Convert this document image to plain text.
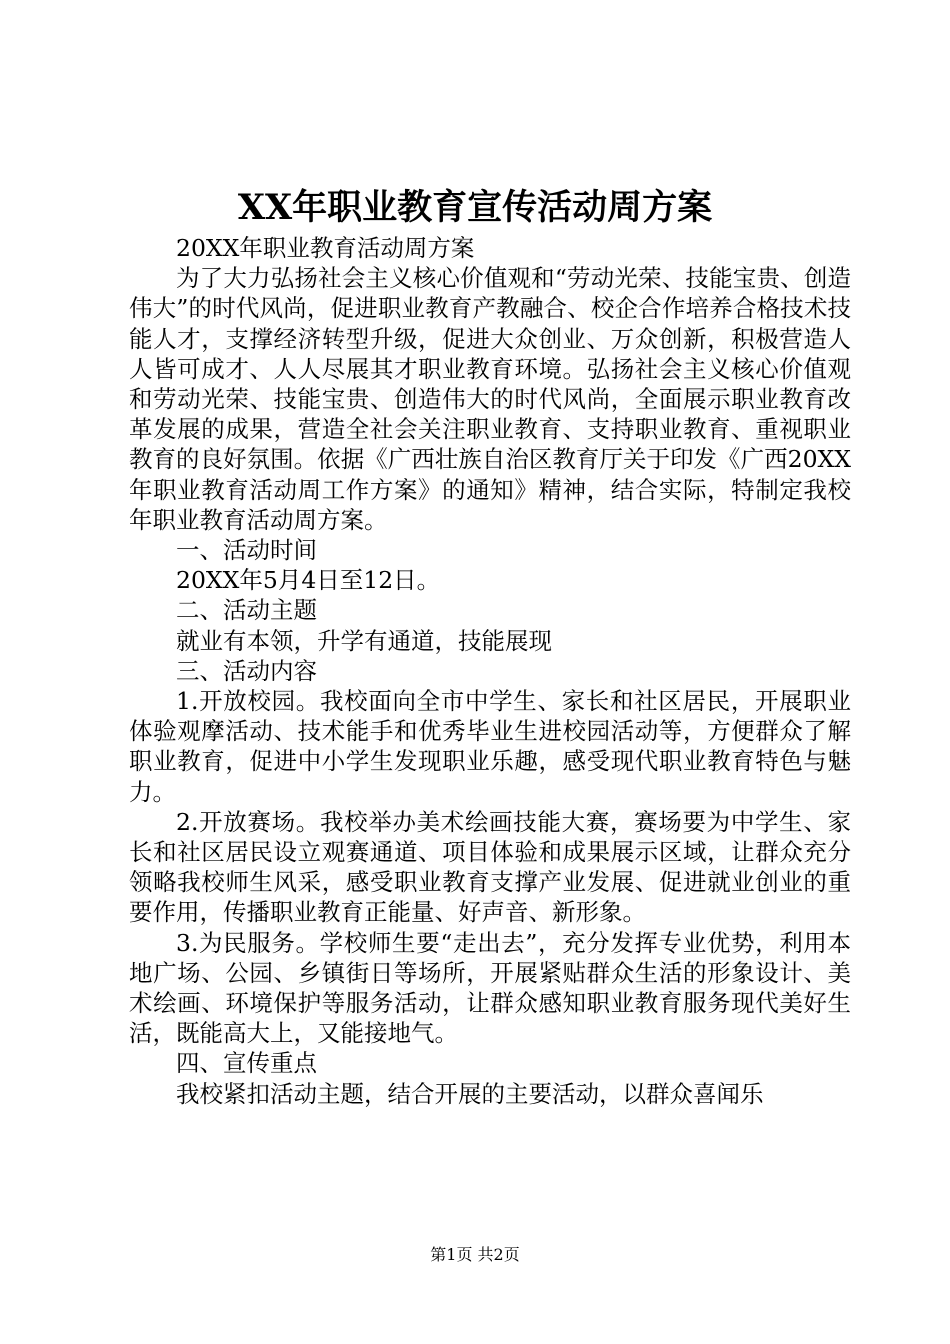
XX年职业教育宣传活动周方案

20XX年职业教育活动周方案

为了大力弘扬社会主义核心价值观和“劳动光荣、技能宝贵、创造伟大”的时代风尚，促进职业教育产教融合、校企合作培养合格技术技能人才，支撑经济转型升级，促进大众创业、万众创新，积极营造人人皆可成才、人人尽展其才职业教育环境。弘扬社会主义核心价值观和劳动光荣、技能宝贵、创造伟大的时代风尚，全面展示职业教育改革发展的成果，营造全社会关注职业教育、支持职业教育、重视职业教育的良好氛围。依据《广西壮族自治区教育厅关于印发《广西20XX年职业教育活动周工作方案》的通知》精神，结合实际，特制定我校年职业教育活动周方案。

一、活动时间

20XX年5月4日至12日。

二、活动主题

就业有本领，升学有通道，技能展现

三、活动内容

1.开放校园。我校面向全市中学生、家长和社区居民，开展职业体验观摩活动、技术能手和优秀毕业生进校园活动等，方便群众了解职业教育，促进中小学生发现职业乐趣，感受现代职业教育特色与魅力。

2.开放赛场。我校举办美术绘画技能大赛，赛场要为中学生、家长和社区居民设立观赛通道、项目体验和成果展示区域，让群众充分领略我校师生风采，感受职业教育支撑产业发展、促进就业创业的重要作用，传播职业教育正能量、好声音、新形象。

3.为民服务。学校师生要“走出去”，充分发挥专业优势，利用本地广场、公园、乡镇街日等场所，开展紧贴群众生活的形象设计、美术绘画、环境保护等服务活动，让群众感知职业教育服务现代美好生活，既能高大上，又能接地气。

四、宣传重点

我校紧扣活动主题，结合开展的主要活动，以群众喜闻乐

第1页 共2页
